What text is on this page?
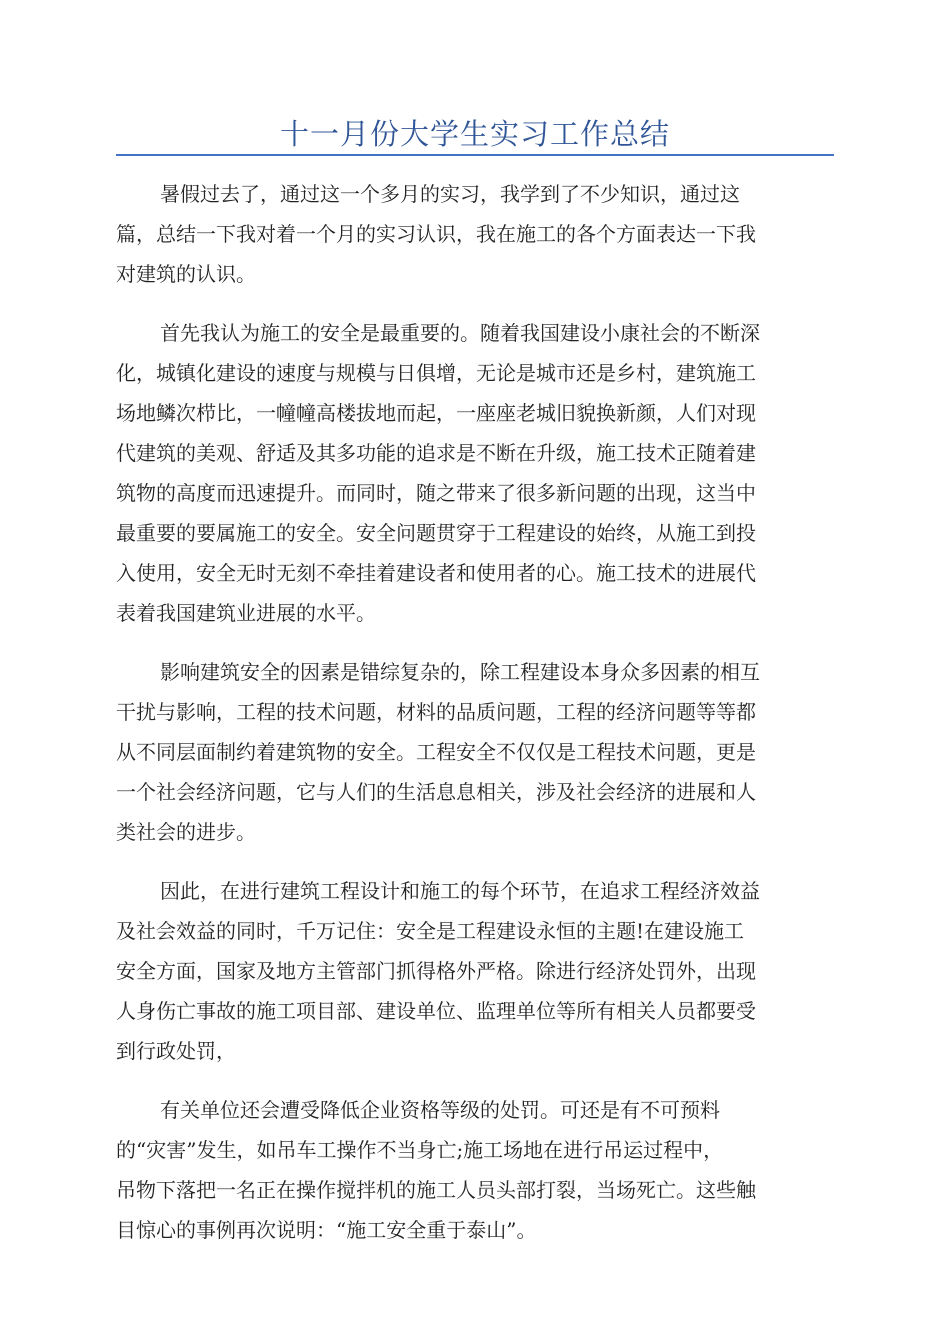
十一月份大学生实习工作总结

暑假过去了，通过这一个多月的实习，我学到了不少知识，通过这
篇，总结一下我对着一个月的实习认识，我在施工的各个方面表达一下我
对建筑的认识。

首先我认为施工的安全是最重要的。随着我国建设小康社会的不断深
化，城镇化建设的速度与规模与日俱增，无论是城市还是乡村，建筑施工
场地鳞次栉比，一幢幢高楼拔地而起，一座座老城旧貌换新颜，人们对现
代建筑的美观、舒适及其多功能的追求是不断在升级，施工技术正随着建
筑物的高度而迅速提升。而同时，随之带来了很多新问题的出现，这当中
最重要的要属施工的安全。安全问题贯穿于工程建设的始终，从施工到投
入使用，安全无时无刻不牵挂着建设者和使用者的心。施工技术的进展代
表着我国建筑业进展的水平。

影响建筑安全的因素是错综复杂的，除工程建设本身众多因素的相互
干扰与影响，工程的技术问题，材料的品质问题，工程的经济问题等等都
从不同层面制约着建筑物的安全。工程安全不仅仅是工程技术问题，更是
一个社会经济问题，它与人们的生活息息相关，涉及社会经济的进展和人
类社会的进步。

因此，在进行建筑工程设计和施工的每个环节，在追求工程经济效益
及社会效益的同时，千万记住：安全是工程建设永恒的主题!在建设施工
安全方面，国家及地方主管部门抓得格外严格。除进行经济处罚外，出现
人身伤亡事故的施工项目部、建设单位、监理单位等所有相关人员都要受
到行政处罚，

有关单位还会遭受降低企业资格等级的处罚。可还是有不可预料
的“灾害”发生，如吊车工操作不当身亡;施工场地在进行吊运过程中，
吊物下落把一名正在操作搅拌机的施工人员头部打裂，当场死亡。这些触
目惊心的事例再次说明：“施工安全重于泰山”。
